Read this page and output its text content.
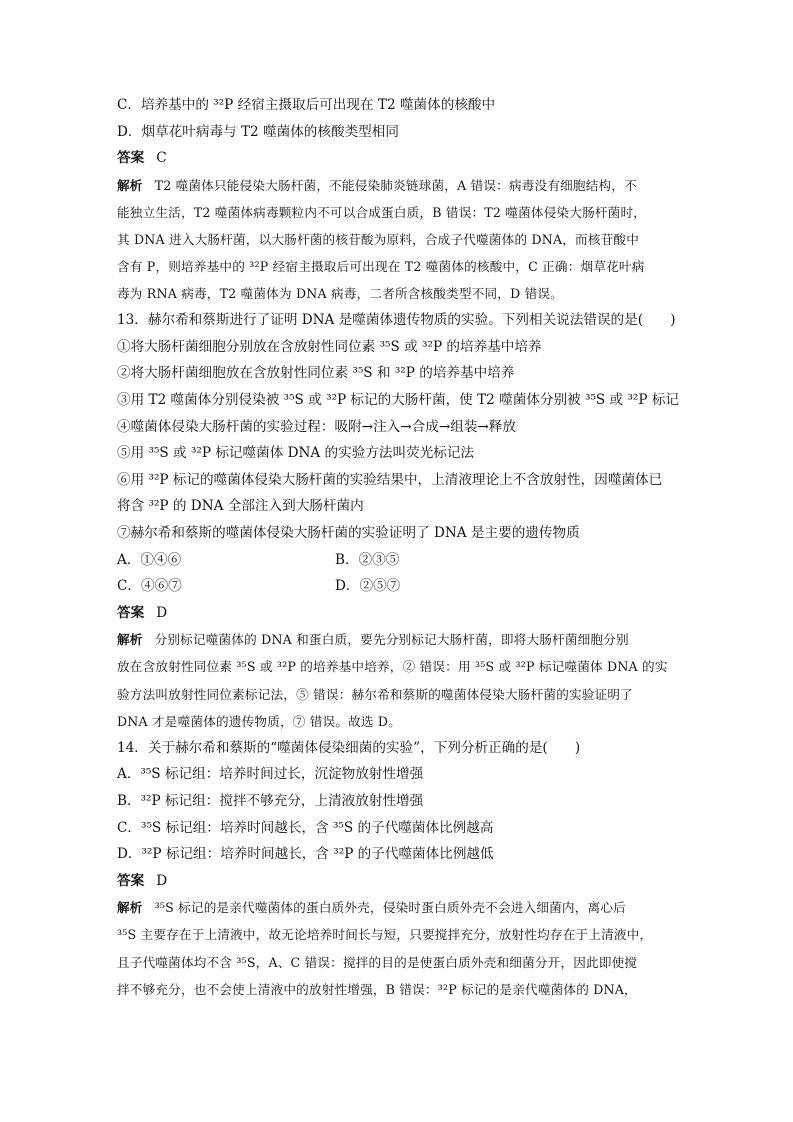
C．培养基中的 ³²P 经宿主摄取后可出现在 T2 噬菌体的核酸中
D．烟草花叶病毒与 T2 噬菌体的核酸类型相同
答案 C
解析 T2 噬菌体只能侵染大肠杆菌，不能侵染肺炎链球菌，A 错误：病毒没有细胞结构，不
能独立生活，T2 噬菌体病毒颗粒内不可以合成蛋白质，B 错误：T2 噬菌体侵染大肠杆菌时，
其 DNA 进入大肠杆菌，以大肠杆菌的核苷酸为原料，合成子代噬菌体的 DNA，而核苷酸中
含有 P，则培养基中的 ³²P 经宿主摄取后可出现在 T2 噬菌体的核酸中，C 正确：烟草花叶病
毒为 RNA 病毒，T2 噬菌体为 DNA 病毒，二者所含核酸类型不同，D 错误。
13．赫尔希和蔡斯进行了证明 DNA 是噬菌体遗传物质的实验。下列相关说法错误的是(　　)
①将大肠杆菌细胞分别放在含放射性同位素 ³⁵S 或 ³²P 的培养基中培养
②将大肠杆菌细胞放在含放射性同位素 ³⁵S 和 ³²P 的培养基中培养
③用 T2 噬菌体分别侵染被 ³⁵S 或 ³²P 标记的大肠杆菌，使 T2 噬菌体分别被 ³⁵S 或 ³²P 标记
④噬菌体侵染大肠杆菌的实验过程：吸附→注入→合成→组装→释放
⑤用 ³⁵S 或 ³²P 标记噬菌体 DNA 的实验方法叫荧光标记法
⑥用 ³²P 标记的噬菌体侵染大肠杆菌的实验结果中，上清液理论上不含放射性，因噬菌体已
将含 ³²P 的 DNA 全部注入到大肠杆菌内
⑦赫尔希和蔡斯的噬菌体侵染大肠杆菌的实验证明了 DNA 是主要的遗传物质
A．①④⑥	B．②③⑤
C．④⑥⑦	D．②⑤⑦
答案 D
解析 分别标记噬菌体的 DNA 和蛋白质，要先分别标记大肠杆菌，即将大肠杆菌细胞分别
放在含放射性同位素 ³⁵S 或 ³²P 的培养基中培养，② 错误：用 ³⁵S 或 ³²P 标记噬菌体 DNA 的实
验方法叫放射性同位素标记法，⑤ 错误：赫尔希和蔡斯的噬菌体侵染大肠杆菌的实验证明了
DNA 才是噬菌体的遗传物质，⑦ 错误。故选 D。
14．关于赫尔希和蔡斯的“噬菌体侵染细菌的实验”，下列分析正确的是(　　)
A．³⁵S 标记组：培养时间过长，沉淀物放射性增强
B．³²P 标记组：搅拌不够充分，上清液放射性增强
C．³⁵S 标记组：培养时间越长，含 ³⁵S 的子代噬菌体比例越高
D．³²P 标记组：培养时间越长，含 ³²P 的子代噬菌体比例越低
答案 D
解析 ³⁵S 标记的是亲代噬菌体的蛋白质外壳，侵染时蛋白质外壳不会进入细菌内，离心后
³⁵S 主要存在于上清液中，故无论培养时间长与短，只要搅拌充分，放射性均存在于上清液中，
且子代噬菌体均不含 ³⁵S，A、C 错误：搅拌的目的是使蛋白质外壳和细菌分开，因此即使搅
拌不够充分，也不会使上清液中的放射性增强，B 错误：³²P 标记的是亲代噬菌体的 DNA，
